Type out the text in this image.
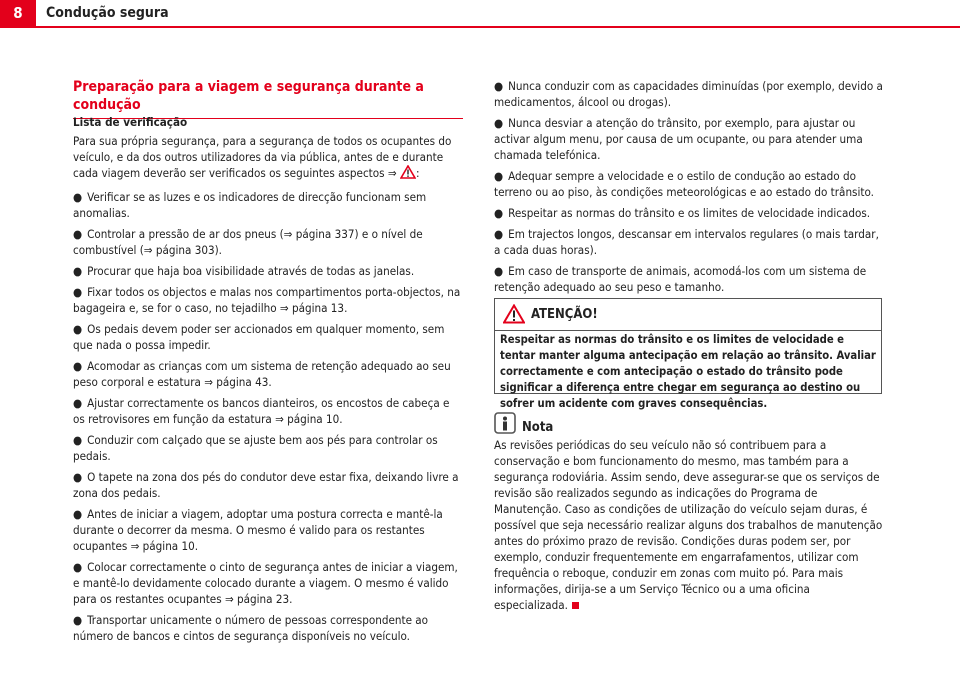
8	Condução segura
Preparação para a viagem e segurança durante a condução
Lista de verificação
Para sua própria segurança, para a segurança de todos os ocupantes do veículo, e da dos outros utilizadores da via pública, antes de e durante cada viagem deverão ser verificados os seguintes aspectos ⇒ :
● Verificar se as luzes e os indicadores de direcção funcionam sem anomalias.
● Controlar a pressão de ar dos pneus (⇒ página 337) e o nível de combustível (⇒ página 303).
● Procurar que haja boa visibilidade através de todas as janelas.
● Fixar todos os objectos e malas nos compartimentos porta-objectos, na bagageira e, se for o caso, no tejadilho ⇒ página 13.
● Os pedais devem poder ser accionados em qualquer momento, sem que nada o possa impedir.
● Acomodar as crianças com um sistema de retenção adequado ao seu peso corporal e estatura ⇒ página 43.
● Ajustar correctamente os bancos dianteiros, os encostos de cabeça e os retrovisores em função da estatura ⇒ página 10.
● Conduzir com calçado que se ajuste bem aos pés para controlar os pedais.
● O tapete na zona dos pés do condutor deve estar fixa, deixando livre a zona dos pedais.
● Antes de iniciar a viagem, adoptar uma postura correcta e mantê-la durante o decorrer da mesma. O mesmo é valido para os restantes ocupantes ⇒ página 10.
● Colocar correctamente o cinto de segurança antes de iniciar a viagem, e mantê-lo devidamente colocado durante a viagem. O mesmo é valido para os restantes ocupantes ⇒ página 23.
● Transportar unicamente o número de pessoas correspondente ao número de bancos e cintos de segurança disponíveis no veículo.
● Nunca conduzir com as capacidades diminuídas (por exemplo, devido a medicamentos, álcool ou drogas).
● Nunca desviar a atenção do trânsito, por exemplo, para ajustar ou activar algum menu, por causa de um ocupante, ou para atender uma chamada telefónica.
● Adequar sempre a velocidade e o estilo de condução ao estado do terreno ou ao piso, às condições meteorológicas e ao estado do trânsito.
● Respeitar as normas do trânsito e os limites de velocidade indicados.
● Em trajectos longos, descansar em intervalos regulares (o mais tardar, a cada duas horas).
● Em caso de transporte de animais, acomodá-los com um sistema de retenção adequado ao seu peso e tamanho.
ATENÇÃO!
Respeitar as normas do trânsito e os limites de velocidade e tentar manter alguma antecipação em relação ao trânsito. Avaliar correctamente e com antecipação o estado do trânsito pode significar a diferença entre chegar em segurança ao destino ou sofrer um acidente com graves consequências.
Nota
As revisões periódicas do seu veículo não só contribuem para a conservação e bom funcionamento do mesmo, mas também para a segurança rodoviária. Assim sendo, deve assegurar-se que os serviços de revisão são realizados segundo as indicações do Programa de Manutenção. Caso as condições de utilização do veículo sejam duras, é possível que seja necessário realizar alguns dos trabalhos de manutenção antes do próximo prazo de revisão. Condições duras podem ser, por exemplo, conduzir frequentemente em engarrafamentos, utilizar com frequência o reboque, conduzir em zonas com muito pó. Para mais informações, dirija-se a um Serviço Técnico ou a uma oficina especializada.
